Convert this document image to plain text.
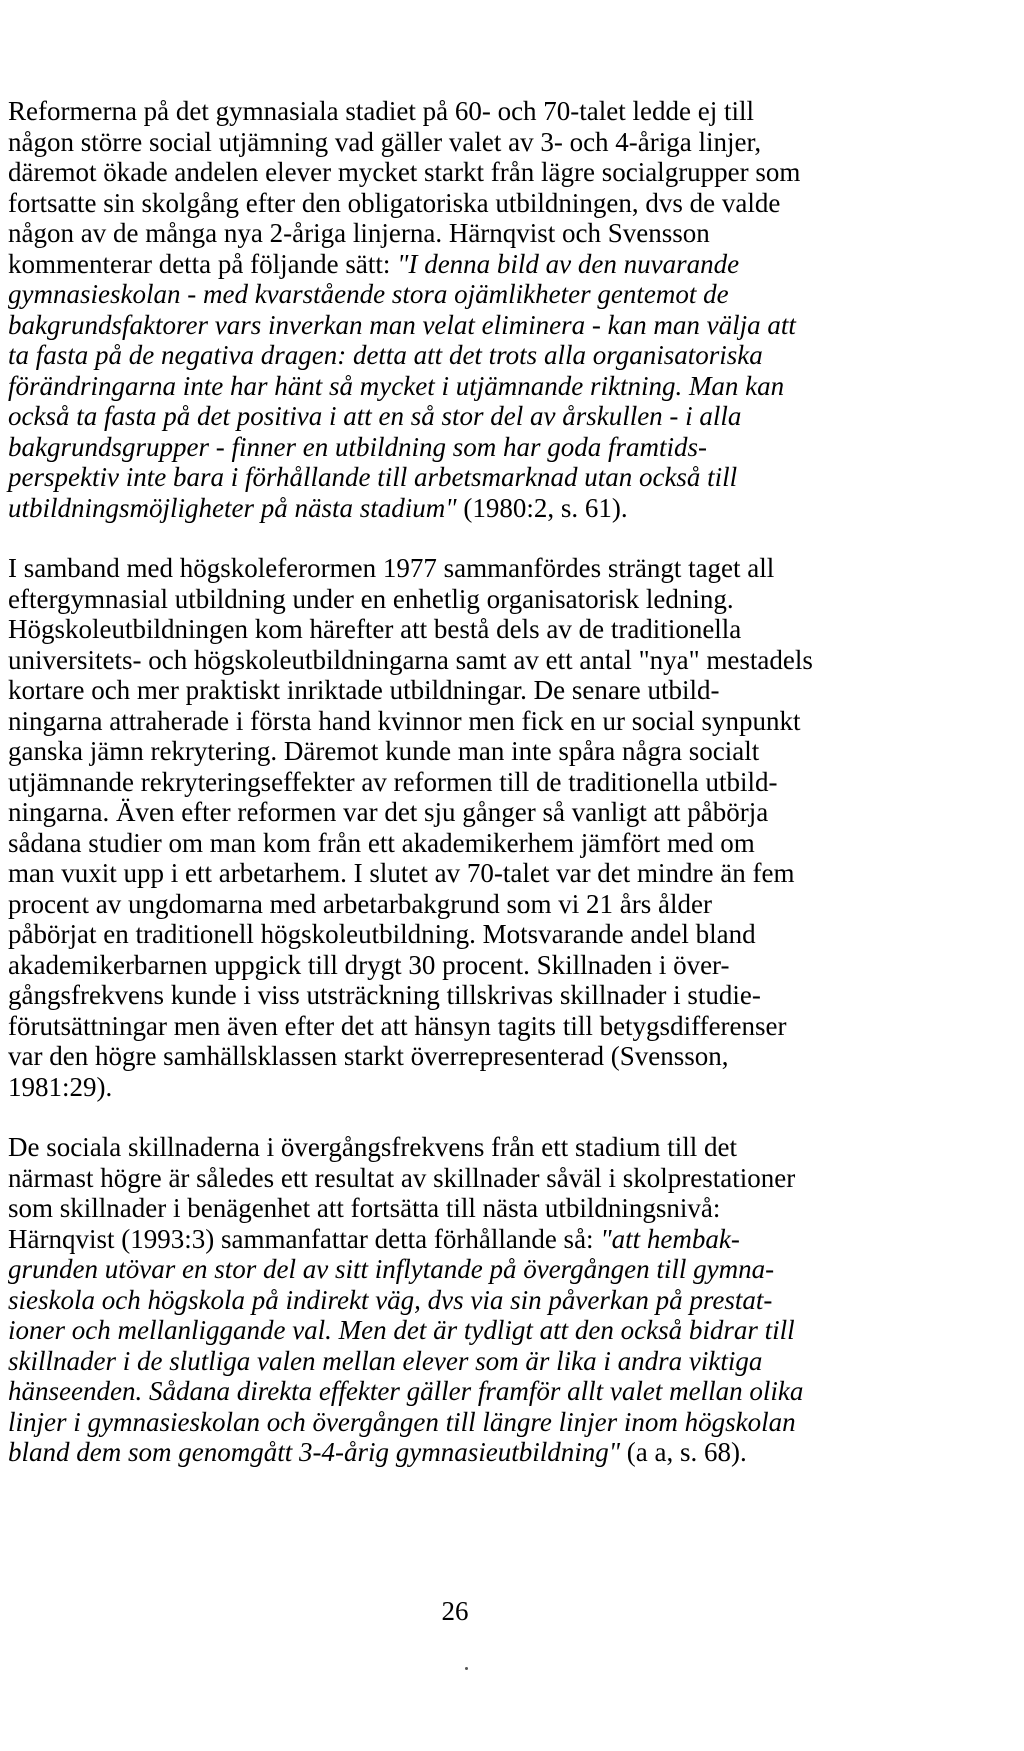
Reformerna på det gymnasiala stadiet på 60- och 70-talet ledde ej till
någon större social utjämning vad gäller valet av 3- och 4-åriga linjer,
däremot ökade andelen elever mycket starkt från lägre socialgrupper som
fortsatte sin skolgång efter den obligatoriska utbildningen, dvs de valde
någon av de många nya 2-åriga linjerna. Härnqvist och Svensson
kommenterar detta på följande sätt: "I denna bild av den nuvarande
gymnasieskolan - med kvarstående stora ojämlikheter gentemot de
bakgrundsfaktorer vars inverkan man velat eliminera - kan man välja att
ta fasta på de negativa dragen: detta att det trots alla organisatoriska
förändringarna inte har hänt så mycket i utjämnande riktning. Man kan
också ta fasta på det positiva i att en så stor del av årskullen - i alla
bakgrundsgrupper - finner en utbildning som har goda framtids-
perspektiv inte bara i förhållande till arbetsmarknad utan också till
utbildningsmöjligheter på nästa stadium" (1980:2, s. 61).

I samband med högskoleferormen 1977 sammanfördes strängt taget all
eftergymnasial utbildning under en enhetlig organisatorisk ledning.
Högskoleutbildningen kom härefter att bestå dels av de traditionella
universitets- och högskoleutbildningarna samt av ett antal "nya" mestadels
kortare och mer praktiskt inriktade utbildningar. De senare utbild-
ningarna attraherade i första hand kvinnor men fick en ur social synpunkt
ganska jämn rekrytering. Däremot kunde man inte spåra några socialt
utjämnande rekryteringseffekter av reformen till de traditionella utbild-
ningarna. Även efter reformen var det sju gånger så vanligt att påbörja
sådana studier om man kom från ett akademikerhem jämfört med om
man vuxit upp i ett arbetarhem. I slutet av 70-talet var det mindre än fem
procent av ungdomarna med arbetarbakgrund som vi 21 års ålder
påbörjat en traditionell högskoleutbildning. Motsvarande andel bland
akademikerbarnen uppgick till drygt 30 procent. Skillnaden i över-
gångsfrekvens kunde i viss utsträckning tillskrivas skillnader i studie-
förutsättningar men även efter det att hänsyn tagits till betygsdifferenser
var den högre samhällsklassen starkt överrepresenterad (Svensson,
1981:29).

De sociala skillnaderna i övergångsfrekvens från ett stadium till det
närmast högre är således ett resultat av skillnader såväl i skolprestationer
som skillnader i benägenhet att fortsätta till nästa utbildningsnivå:
Härnqvist (1993:3) sammanfattar detta förhållande så: "att hembak-
grunden utövar en stor del av sitt inflytande på övergången till gymna-
sieskola och högskola på indirekt väg, dvs via sin påverkan på prestat-
ioner och mellanliggande val. Men det är tydligt att den också bidrar till
skillnader i de slutliga valen mellan elever som är lika i andra viktiga
hänseenden. Sådana direkta effekter gäller framför allt valet mellan olika
linjer i gymnasieskolan och övergången till längre linjer inom högskolan
bland dem som genomgått 3-4-årig gymnasieutbildning" (a a, s. 68).

26
